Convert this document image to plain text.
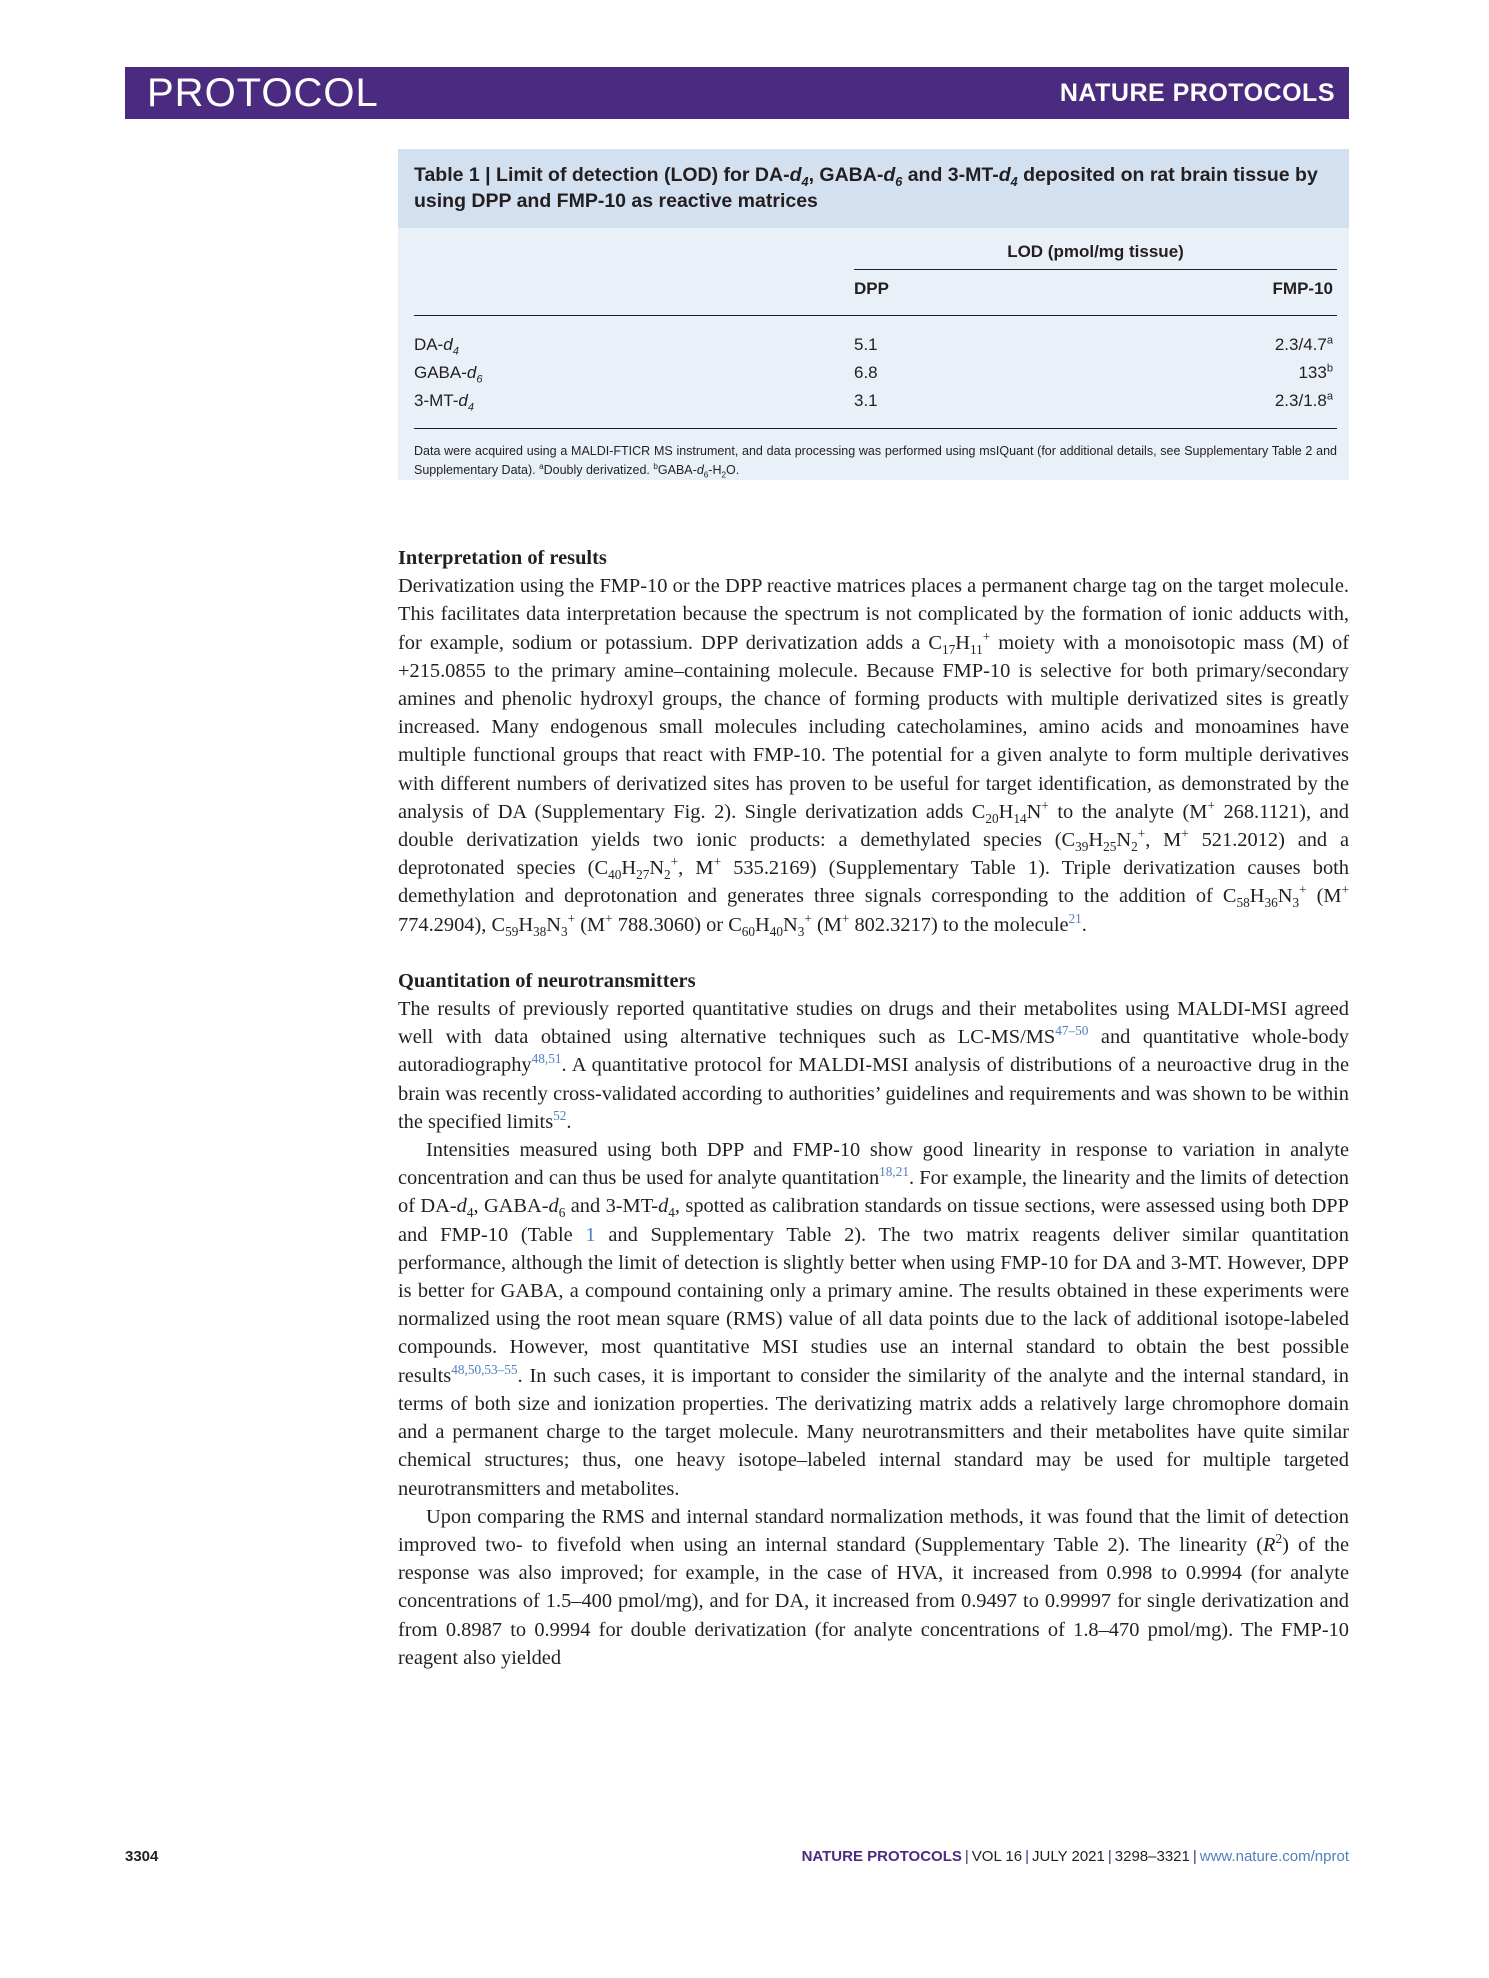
PROTOCOL	NATURE PROTOCOLS
Table 1 | Limit of detection (LOD) for $DA-d_4$, GABA-$d_6$ and $3-MT-d_4$ deposited on rat brain tissue by using DPP and FMP-10 as reactive matrices
LOD (pmol/mg tissue)
DPP	FMP-10
$DA-d_4$	5.1	2.3/4.7$^a$
GABA-$d_6$	6.8	133$^b$
$3-MT-d_4$	3.1	2.3/1.8$^a$
Data were acquired using a MALDI-FTICR MS instrument, and data processing was performed using msIQuant (for additional details, see Supplementary Table 2 and Supplementary Data). $^a$Doubly derivatized. $^bGABA-d_6-H_2O$.
Interpretation of results

Derivatization using the FMP-10 or the DPP reactive matrices places a permanent charge tag on the target molecule. This facilitates data interpretation because the spectrum is not complicated by the formation of ionic adducts with, for example, sodium or potassium. DPP derivatization adds a $C_{17}H_{11}^+$ moiety with a monoisotopic mass (M) of +215.0855 to the primary amine–containing molecule. Because FMP-10 is selective for both primary/secondary amines and phenolic hydroxyl groups, the chance of forming products with multiple derivatized sites is greatly increased. Many endogenous small molecules including catecholamines, amino acids and monoamines have multiple functional groups that react with FMP-10. The potential for a given analyte to form multiple derivatives with different numbers of derivatized sites has proven to be useful for target identification, as demonstrated by the analysis of DA (Supplementary Fig. 2). Single derivatization adds $C_{20}H_{14}N^+$ to the analyte (M+ 268.1121), and double derivatization yields two ionic products: a demethylated species ($C_{39}H_{25}N_2^+$, M+ 521.2012) and a deprotonated species ($C_{40}H_{27}N_2^+$, M+ 535.2169) (Supplementary Table 1). Triple derivatization causes both demethylation and deprotonation and generates three signals corresponding to the addition of $C_{58}H_{36}N_3^+$ (M+ 774.2904), $C_{59}H_{38}N_3^+$ (M+ 788.3060) or $C_{60}H_{40}N_3^+$ (M+ 802.3217) to the molecule$^{21}$.

Quantitation of neurotransmitters

The results of previously reported quantitative studies on drugs and their metabolites using MALDI-MSI agreed well with data obtained using alternative techniques such as LC-MS/MS$^{47-50}$ and quantitative whole-body autoradiography$^{48,51}$. A quantitative protocol for MALDI-MSI analysis of distributions of a neuroactive drug in the brain was recently cross-validated according to authorities’ guidelines and requirements and was shown to be within the specified limits$^{52}$.

Intensities measured using both DPP and FMP-10 show good linearity in response to variation in analyte concentration and can thus be used for analyte quantitation$^{18,21}$. For example, the linearity and the limits of detection of $DA-d_4$, GABA-$d_6$ and $3-MT-d_4$, spotted as calibration standards on tissue sections, were assessed using both DPP and FMP-10 (Table 1 and Supplementary Table 2). The two matrix reagents deliver similar quantitation performance, although the limit of detection is slightly better when using FMP-10 for DA and 3-MT. However, DPP is better for GABA, a compound containing only a primary amine. The results obtained in these experiments were normalized using the root mean square (RMS) value of all data points due to the lack of additional isotope-labeled compounds. However, most quantitative MSI studies use an internal standard to obtain the best possible results$^{48,50,53-55}$. In such cases, it is important to consider the similarity of the analyte and the internal standard, in terms of both size and ionization properties. The derivatizing matrix adds a relatively large chromophore domain and a permanent charge to the target molecule. Many neurotransmitters and their metabolites have quite similar chemical structures; thus, one heavy isotope–labeled internal standard may be used for multiple targeted neurotransmitters and metabolites.

Upon comparing the RMS and internal standard normalization methods, it was found that the limit of detection improved two- to fivefold when using an internal standard (Supplementary Table 2). The linearity $(R^2)$ of the response was also improved; for example, in the case of HVA, it increased from 0.998 to 0.9994 (for analyte concentrations of 1.5–400 pmol/mg), and for DA, it increased from 0.9497 to 0.99997 for single derivatization and from 0.8987 to 0.9994 for double derivatization (for analyte concentrations of 1.8–470 pmol/mg). The FMP-10 reagent also yielded

3304	NATURE PROTOCOLS | VOL 16 | JULY 2021 | 3298–3321 | www.nature.com/nprot
